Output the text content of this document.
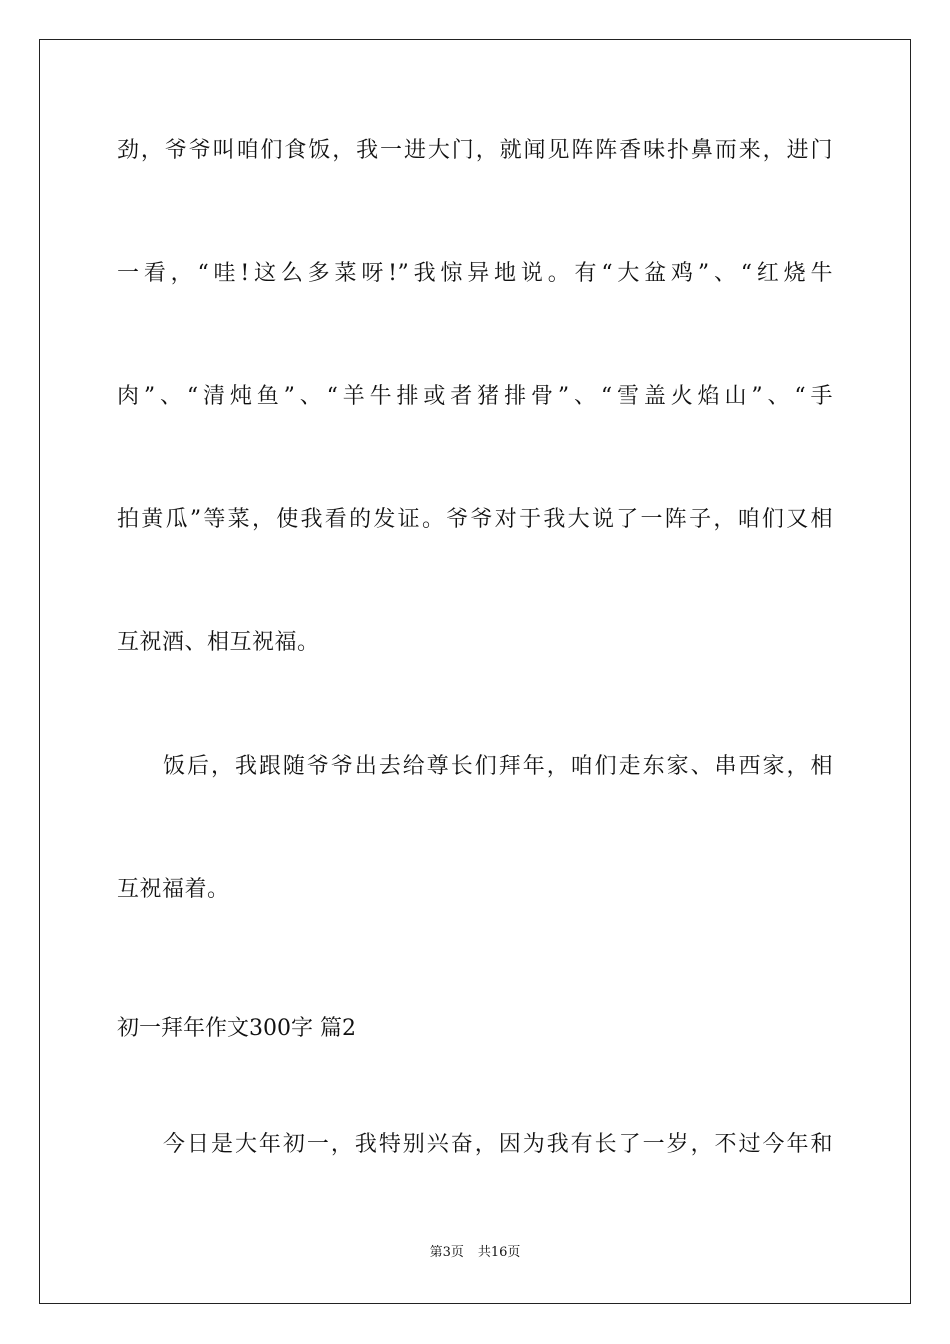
劲，爷爷叫咱们食饭，我一进大门，就闻见阵阵香味扑鼻而来，进门
一看，“哇!这么多菜呀!”我惊异地说。有“大盆鸡”、“红烧牛
肉”、“清炖鱼”、“羊牛排或者猪排骨”、“雪盖火焰山”、“手
拍黄瓜”等菜，使我看的发证。爷爷对于我大说了一阵子，咱们又相
互祝酒、相互祝福。
饭后，我跟随爷爷出去给尊长们拜年，咱们走东家、串西家，相
互祝福着。
初一拜年作文300字 篇2
今日是大年初一，我特别兴奋，因为我有长了一岁，不过今年和
第3页 共16页
